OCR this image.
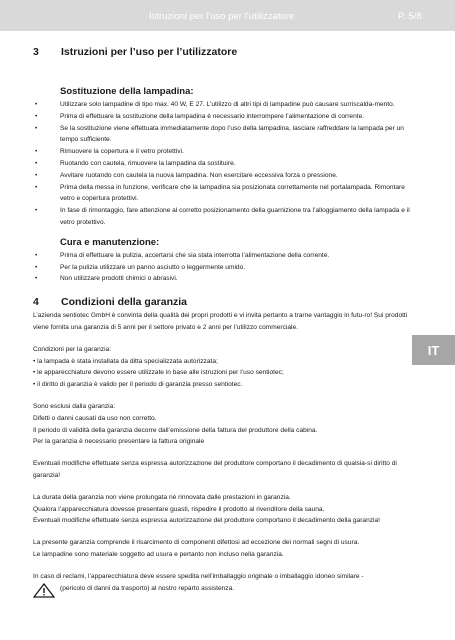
Istruzioni per l’uso per l’utilizzatore	P. 5/8
IT
3	Istruzioni per l’uso per l’utilizzatore
Sostituzione della lampadina:
• Utilizzare solo lampadine di tipo max. 40 W, E 27. L’utilizzo di altri tipi di lampadine può causare surriscalda-mento.
• Prima di effettuare la sostituzione della lampadina è necessario interrompere l’alimentazione di corrente.
• Se la sostituzione viene effettuata immediatamente dopo l’uso della lampadina, lasciare raffreddare la lampada per un tempo sufficiente.
• Rimuovere la copertura e il vetro protettivi.
• Ruotando con cautela, rimuovere la lampadina da sostituire.
• Avvitare ruotando con cautela la nuova lampadina. Non esercitare eccessiva forza o pressione.
• Prima della messa in funzione, verificare che la lampadina sia posizionata correttamente nel portalampada. Rimontare vetro e copertura protettivi.
• In fase di rimontaggio, fare attenzione al corretto posizionamento della guarnizione tra l’alloggiamento della lampada e il vetro protettivo.
Cura e manutenzione:
• Prima di effettuare la pulizia, accertarsi che sia stata interrotta l’alimentazione della corrente.
• Per la pulizia utilizzare un panno asciutto o leggermente umido.
• Non utilizzare prodotti chimici o abrasivi.
4	Condizioni della garanzia

L’azienda sentiotec GmbH è convinta della qualità dei propri prodotti e vi invita pertanto a trarne vantaggio in futu-ro! Sui prodotti viene fornita una garanzia di 5 anni per il settore privato e 2 anni per l’utilizzo commerciale.

Condizioni per la garanzia:

• la lampada è stata installata da ditta specializzata autorizzata;

• le apparecchiature devono essere utilizzate in base alle istruzioni per l’uso sentiotec;

• il diritto di garanzia è valido per il periodo di garanzia presso sentiotec.

Sono esclusi dalla garanzia:

Difetti o danni causati da uso non corretto.

Il periodo di validità della garanzia decorre dall’emissione della fattura del produttore della cabina.

Per la garanzia è necessario presentare la fattura originale

Eventuali modifiche effettuate senza espressa autorizzazione del produttore comportano il decadimento di qualsia-si diritto di garanzia!

La durata della garanzia non viene prolungata né rinnovata dalle prestazioni in garanzia.

Qualora l’apparecchiatura dovesse presentare guasti, rispedire il prodotto al rivenditore della sauna.

Eventuali modifiche effettuate senza espressa autorizzazione del produttore comportano il decadimento della garanzia!

La presente garanzia comprende il risarcimento di componenti difettosi ad eccezione dei normali segni di usura.

Le lampadine sono materiale soggetto ad usura e pertanto non incluso nella garanzia.

In caso di reclami, l’apparecchiatura deve essere spedita nell’imballaggio originale o imballaggio idoneo similare -

(pericolo di danni da trasporto) al nostro reparto assistenza.
